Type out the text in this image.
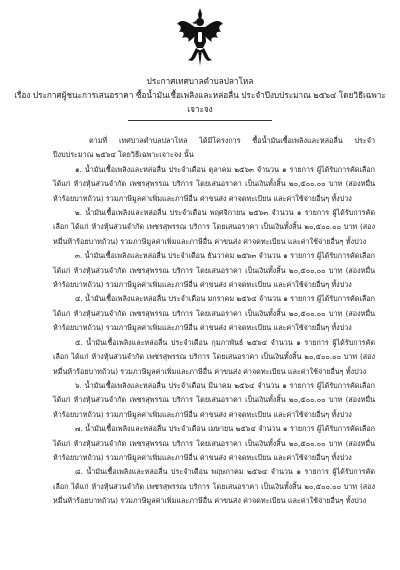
ประกาศเทศบาลตำบลปลาโหล
เรื่อง ประกาศผู้ชนะการเสนอราคา ซื้อน้ำมันเชื้อเพลิงและหล่อลื่น ประจำปีงบประมาณ ๒๕๖๔ โดยวิธีเฉพาะ
เจาะจง

ตามที่ เทศบาลตำบลปลาโหล ได้มีโครงการ ซื้อน้ำมันเชื้อเพลิงและหล่อลื่น ประจำปีงบประมาณ ๒๕๖๔ โดยวิธีเฉพาะเจาะจง นั้น

๑. น้ำมันเชื้อเพลิงและหล่อลื่น ประจำเดือน ตุลาคม ๒๕๖๓ จำนวน ๑ รายการ ผู้ได้รับการคัดเลือก ได้แก่ ห้างหุ้นส่วนจำกัด เพชรสุพรรณ บริการ โดยเสนอราคา เป็นเงินทั้งสิ้น ๒๐,๕๐๐.๐๐ บาท (สองหมื่นห้าร้อยบาทถ้วน) รวมภาษีมูลค่าเพิ่มและภาษีอื่น ค่าขนส่ง ค่าจดทะเบียน และค่าใช้จ่ายอื่นๆ ทั้งปวง

๒. น้ำมันเชื้อเพลิงและหล่อลื่น ประจำเดือน พฤศจิกายน ๒๕๖๓ จำนวน ๑ รายการ ผู้ได้รับการคัดเลือก ได้แก่ ห้างหุ้นส่วนจำกัด เพชรสุพรรณ บริการ โดยเสนอราคา เป็นเงินทั้งสิ้น ๒๐,๕๐๐.๐๐ บาท (สองหมื่นห้าร้อยบาทถ้วน) รวมภาษีมูลค่าเพิ่มและภาษีอื่น ค่าขนส่ง ค่าจดทะเบียน และค่าใช้จ่ายอื่นๆ ทั้งปวง

๓. น้ำมันเชื้อเพลิงและหล่อลื่น ประจำเดือน ธันวาคม ๒๕๖๓ จำนวน ๑ รายการ ผู้ได้รับการคัดเลือก ได้แก่ ห้างหุ้นส่วนจำกัด เพชรสุพรรณ บริการ โดยเสนอราคา เป็นเงินทั้งสิ้น ๒๐,๕๐๐.๐๐ บาท (สองหมื่นห้าร้อยบาทถ้วน) รวมภาษีมูลค่าเพิ่มและภาษีอื่น ค่าขนส่ง ค่าจดทะเบียน และค่าใช้จ่ายอื่นๆ ทั้งปวง

๔. น้ำมันเชื้อเพลิงและหล่อลื่น ประจำเดือน มกราคม ๒๕๖๔ จำนวน ๑ รายการ ผู้ได้รับการคัดเลือก ได้แก่ ห้างหุ้นส่วนจำกัด เพชรสุพรรณ บริการ โดยเสนอราคา เป็นเงินทั้งสิ้น ๒๐,๕๐๐.๐๐ บาท (สองหมื่นห้าร้อยบาทถ้วน) รวมภาษีมูลค่าเพิ่มและภาษีอื่น ค่าขนส่ง ค่าจดทะเบียน และค่าใช้จ่ายอื่นๆ ทั้งปวง

๕. น้ำมันเชื้อเพลิงและหล่อลื่น ประจำเดือน กุมภาพันธ์ ๒๕๖๔ จำนวน ๑ รายการ ผู้ได้รับการคัดเลือก ได้แก่ ห้างหุ้นส่วนจำกัด เพชรสุพรรณ บริการ โดยเสนอราคา เป็นเงินทั้งสิ้น ๒๐,๕๐๐.๐๐ บาท (สองหมื่นห้าร้อยบาทถ้วน) รวมภาษีมูลค่าเพิ่มและภาษีอื่น ค่าขนส่ง ค่าจดทะเบียน และค่าใช้จ่ายอื่นๆ ทั้งปวง

๖. น้ำมันเชื้อเพลิงและหล่อลื่น ประจำเดือน มีนาคม ๒๕๖๔ จำนวน ๑ รายการ ผู้ได้รับการคัดเลือก ได้แก่ ห้างหุ้นส่วนจำกัด เพชรสุพรรณ บริการ โดยเสนอราคา เป็นเงินทั้งสิ้น ๒๐,๕๐๐.๐๐ บาท (สองหมื่นห้าร้อยบาทถ้วน) รวมภาษีมูลค่าเพิ่มและภาษีอื่น ค่าขนส่ง ค่าจดทะเบียน และค่าใช้จ่ายอื่นๆ ทั้งปวง

๗. น้ำมันเชื้อเพลิงและหล่อลื่น ประจำเดือน เมษายน ๒๕๖๔ จำนวน ๑ รายการ ผู้ได้รับการคัดเลือก ได้แก่ ห้างหุ้นส่วนจำกัด เพชรสุพรรณ บริการ โดยเสนอราคา เป็นเงินทั้งสิ้น ๒๐,๕๐๐.๐๐ บาท (สองหมื่นห้าร้อยบาทถ้วน) รวมภาษีมูลค่าเพิ่มและภาษีอื่น ค่าขนส่ง ค่าจดทะเบียน และค่าใช้จ่ายอื่นๆ ทั้งปวง

๘. น้ำมันเชื้อเพลิงและหล่อลื่น ประจำเดือน พฤษภาคม ๒๕๖๔ จำนวน ๑ รายการ ผู้ได้รับการคัดเลือก ได้แก่ ห้างหุ้นส่วนจำกัด เพชรสุพรรณ บริการ โดยเสนอราคา เป็นเงินทั้งสิ้น ๒๐,๕๐๐.๐๐ บาท (สองหมื่นห้าร้อยบาทถ้วน) รวมภาษีมูลค่าเพิ่มและภาษีอื่น ค่าขนส่ง ค่าจดทะเบียน และค่าใช้จ่ายอื่นๆ ทั้งปวง
